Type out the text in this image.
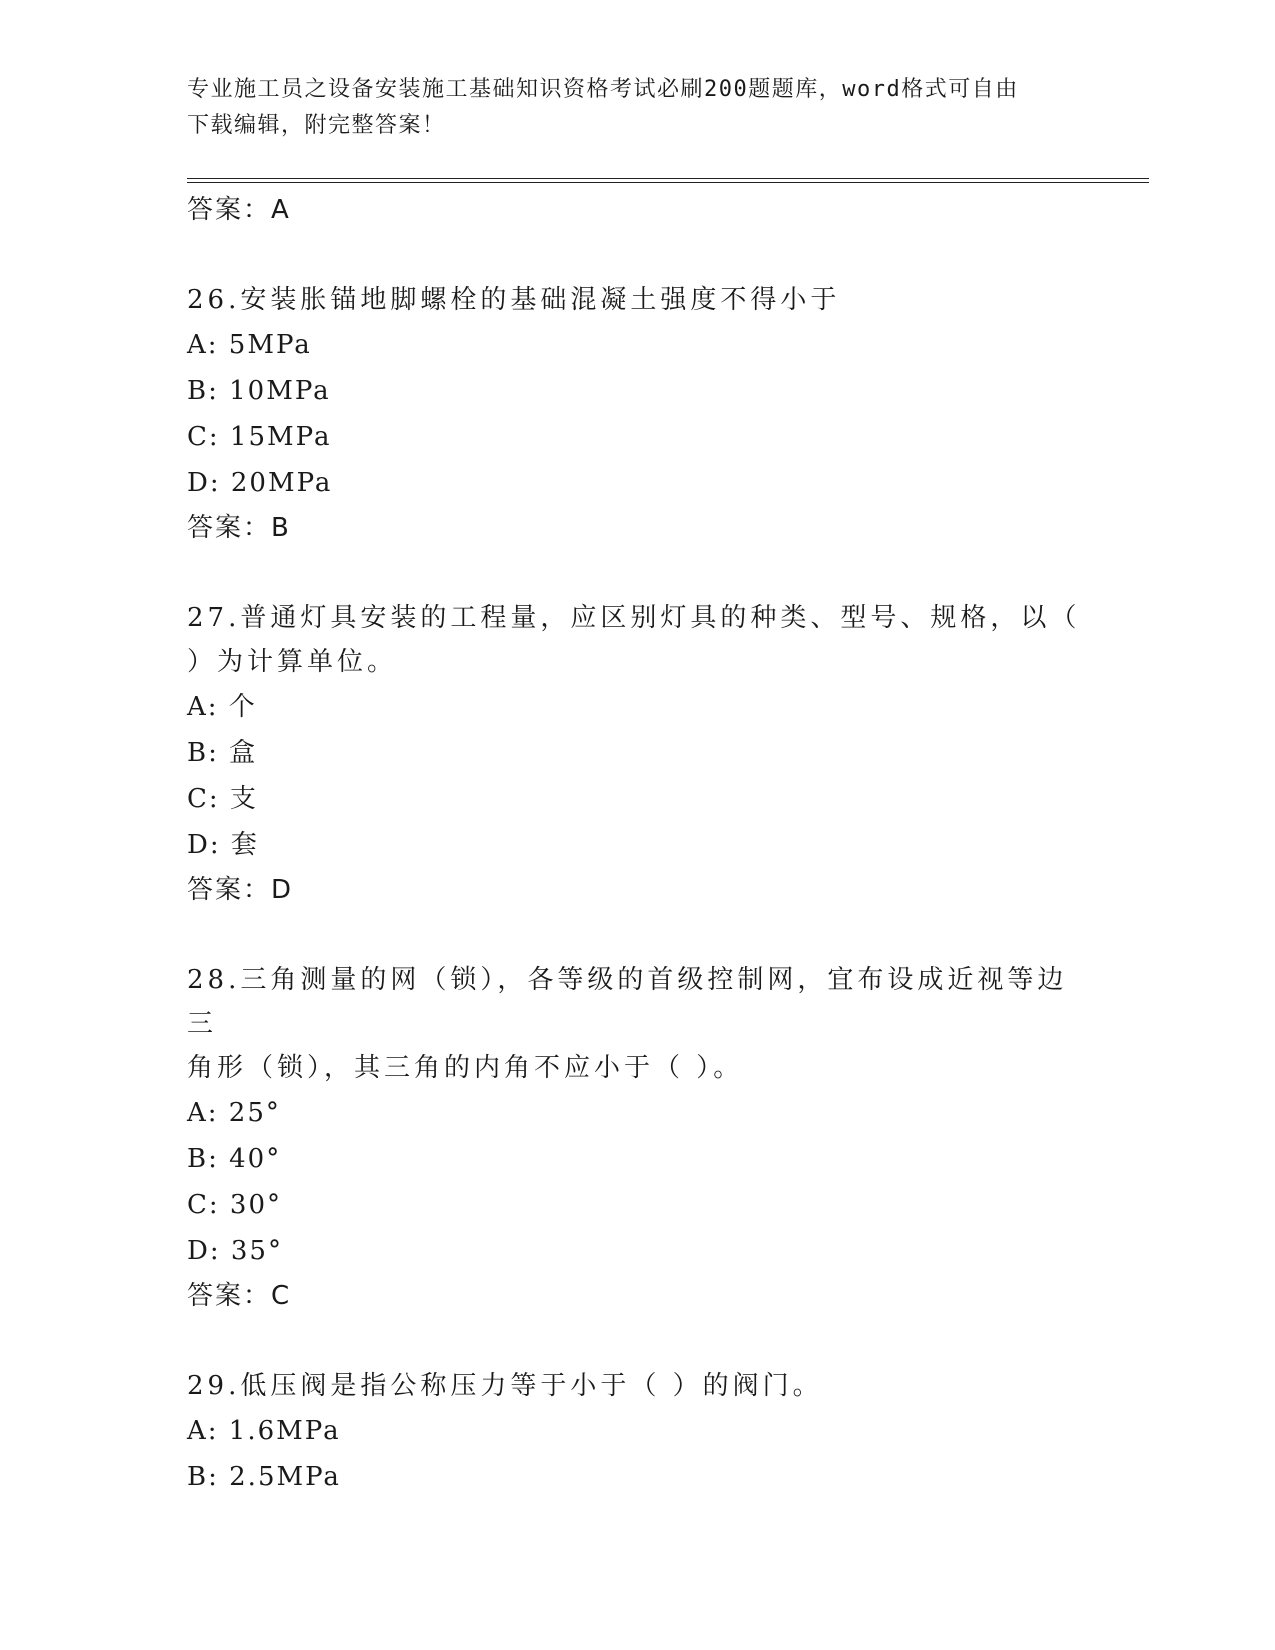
专业施工员之设备安装施工基础知识资格考试必刷200题题库，word格式可自由
下载编辑，附完整答案！
答案：A
26.安装胀锚地脚螺栓的基础混凝土强度不得小于
A: 5MPa
B: 10MPa
C: 15MPa
D: 20MPa
答案：B
27.普通灯具安装的工程量，应区别灯具的种类、型号、规格，以（
）为计算单位。
A: 个
B: 盒
C: 支
D: 套
答案：D
28.三角测量的网（锁），各等级的首级控制网，宜布设成近视等边三
角形（锁），其三角的内角不应小于（ ）。
A: 25°
B: 40°
C: 30°
D: 35°
答案：C
29.低压阀是指公称压力等于小于（ ）的阀门。
A: 1.6MPa
B: 2.5MPa
